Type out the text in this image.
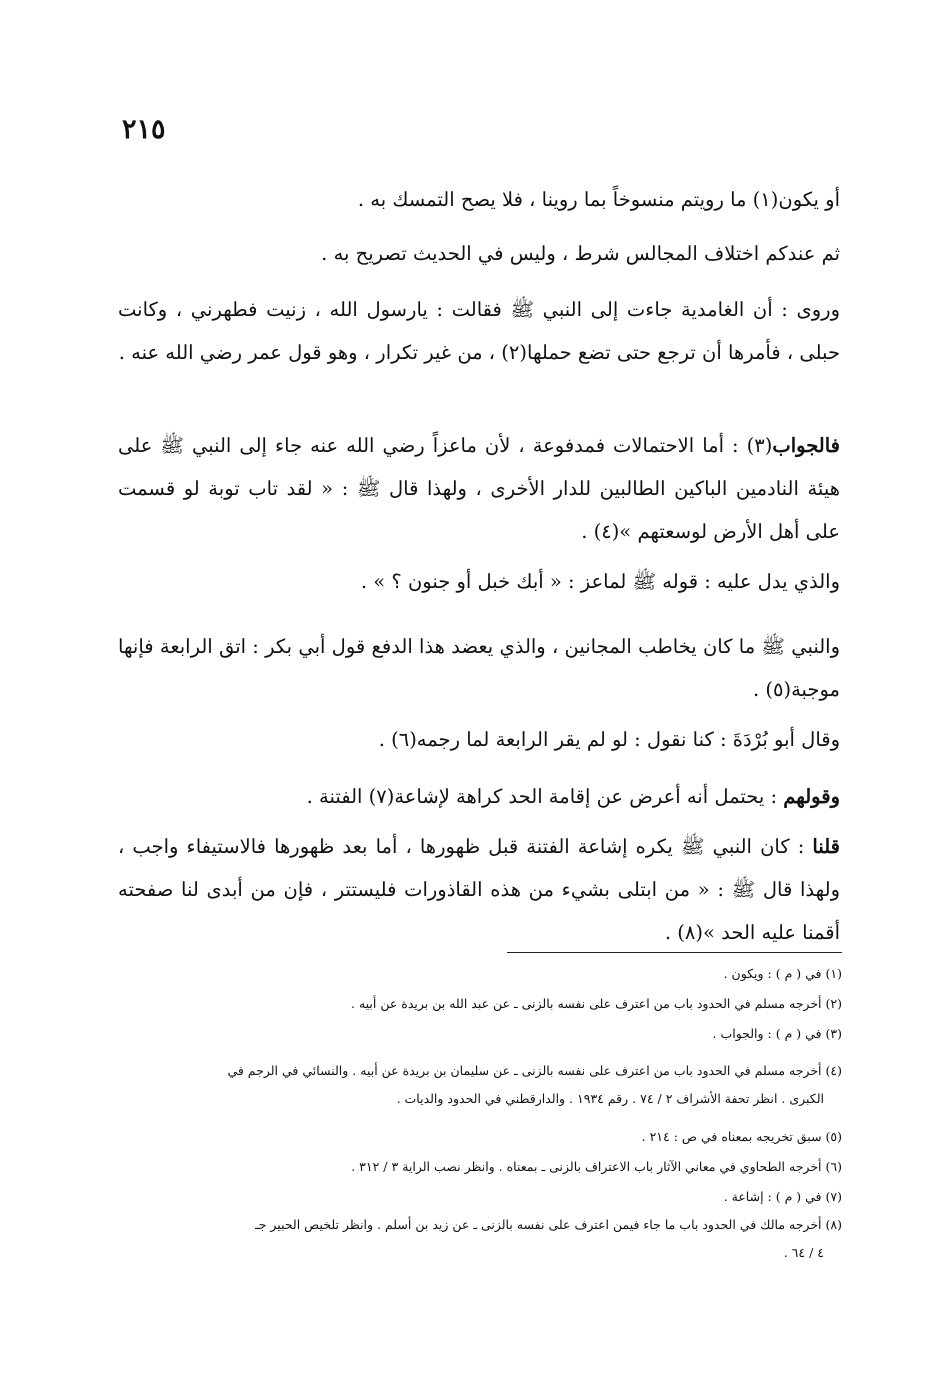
٢١٥

أو يكون(١) ما رويتم منسوخاً بما روينا ، فلا يصح التمسك به .

ثم عندكم اختلاف المجالس شرط ، وليس في الحديث تصريح به .

وروى : أن الغامدية جاءت إلى النبي ﷺ فقالت : يارسول الله ، زنيت فطهرني ، وكانت حبلى ، فأمرها أن ترجع حتى تضع حملها(٢) ، من غير تكرار ، وهو قول عمر رضي الله عنه .

فالجواب(٣) : أما الاحتمالات فمدفوعة ، لأن ماعزاً رضي الله عنه جاء إلى النبي ﷺ على هيئة النادمين الباكين الطالبين للدار الأخرى ، ولهذا قال ﷺ : « لقد تاب توبة لو قسمت على أهل الأرض لوسعتهم »(٤) .

والذي يدل عليه : قوله ﷺ لماعز : « أبك خبل أو جنون ؟ » .

والنبي ﷺ ما كان يخاطب المجانين ، والذي يعضد هذا الدفع قول أبي بكر : اتق الرابعة فإنها موجبة(٥) .

وقال أبو بُرْدَةَ : كنا نقول : لو لم يقر الرابعة لما رجمه(٦) .

وقولهم : يحتمل أنه أعرض عن إقامة الحد كراهة لإشاعة(٧) الفتنة .

قلنا : كان النبي ﷺ يكره إشاعة الفتنة قبل ظهورها ، أما بعد ظهورها فالاستيفاء واجب ، ولهذا قال ﷺ : « من ابتلى بشيء من هذه القاذورات فليستتر ، فإن من أبدى لنا صفحته أقمنا عليه الحد »(٨) .

(١) في ( م ) : ويكون .
(٢) أخرجه مسلم في الحدود باب من اعترف على نفسه بالزنى ـ عن عبد الله بن بريدة عن أبيه .
(٣) في ( م ) : والجواب .
(٤) أخرجه مسلم في الحدود باب من اعترف على نفسه بالزنى ـ عن سليمان بن بريدة عن أبيه . والنسائي في الرجم في
الكبرى . انظر تحفة الأشراف ٢ / ٧٤ . رقم ١٩٣٤ . والدارقطني في الحدود والديات .
(٥) سبق تخريجه بمعناه في ص : ٢١٤ .
(٦) أخرجه الطحاوي في معاني الآثار باب الاعتراف بالزنى ـ بمعناه . وانظر نصب الراية ٣ / ٣١٢ .
(٧) في ( م ) : إشاعة .
(٨) أخرجه مالك في الحدود باب ما جاء فيمن اعترف على نفسه بالزنى ـ عن زيد بن أسلم . وانظر تلخيص الحبير جـ
٤ / ٦٤ .
